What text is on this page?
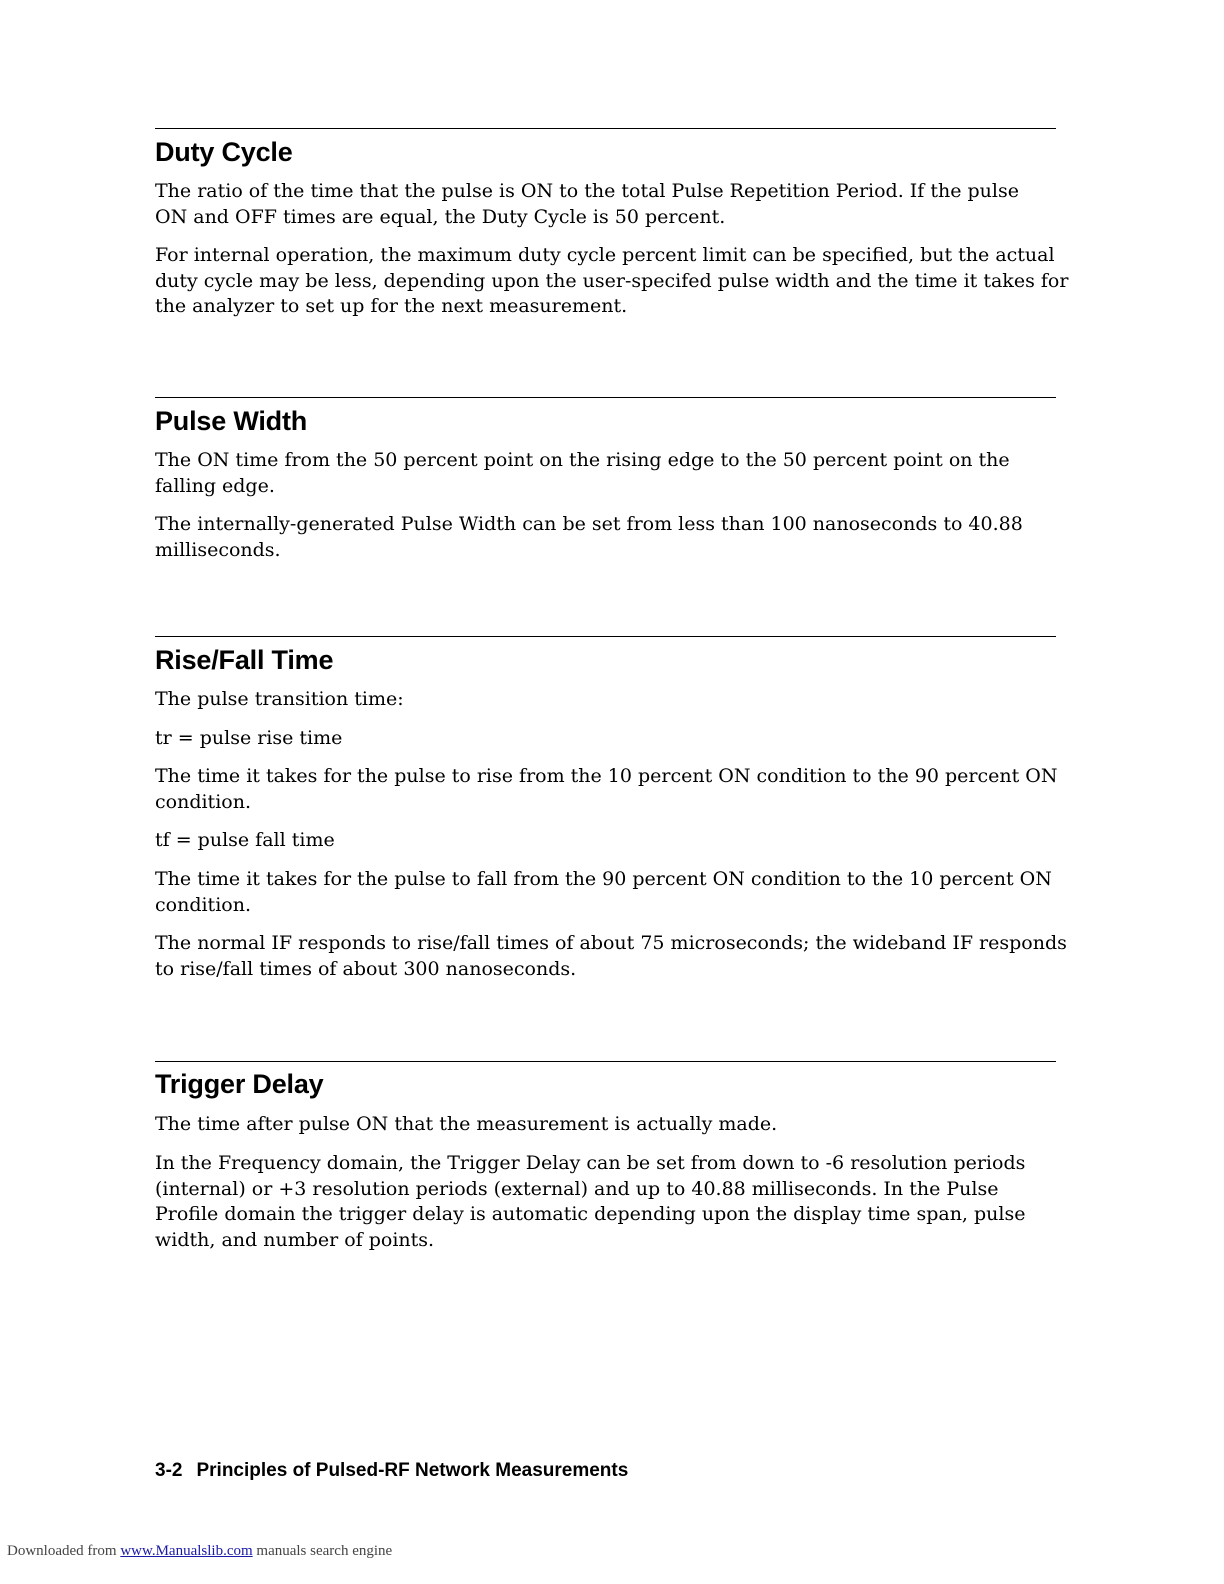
Duty Cycle

The ratio of the time that the pulse is ON to the total Pulse Repetition Period. If the pulse
ON and OFF times are equal, the Duty Cycle is 50 percent.

For internal operation, the maximum duty cycle percent limit can be specified, but the actual
duty cycle may be less, depending upon the user-specifed pulse width and the time it takes for
the analyzer to set up for the next measurement.

Pulse Width

The ON time from the 50 percent point on the rising edge to the 50 percent point on the
falling edge.

The internally-generated Pulse Width can be set from less than 100 nanoseconds to 40.88
milliseconds.

Rise/Fall Time

The pulse transition time:

tr = pulse rise time

The time it takes for the pulse to rise from the 10 percent ON condition to the 90 percent ON
condition.

tf = pulse fall time

The time it takes for the pulse to fall from the 90 percent ON condition to the 10 percent ON
condition.

The normal IF responds to rise/fall times of about 75 microseconds; the wideband IF responds
to rise/fall times of about 300 nanoseconds.

Trigger Delay

The time after pulse ON that the measurement is actually made.

In the Frequency domain, the Trigger Delay can be set from down to -6 resolution periods
(internal) or +3 resolution periods (external) and up to 40.88 milliseconds. In the Pulse
Profile domain the trigger delay is automatic depending upon the display time span, pulse
width, and number of points.

3-2 Principles of Pulsed-RF Network Measurements
Downloaded from www.Manualslib.com manuals search engine
